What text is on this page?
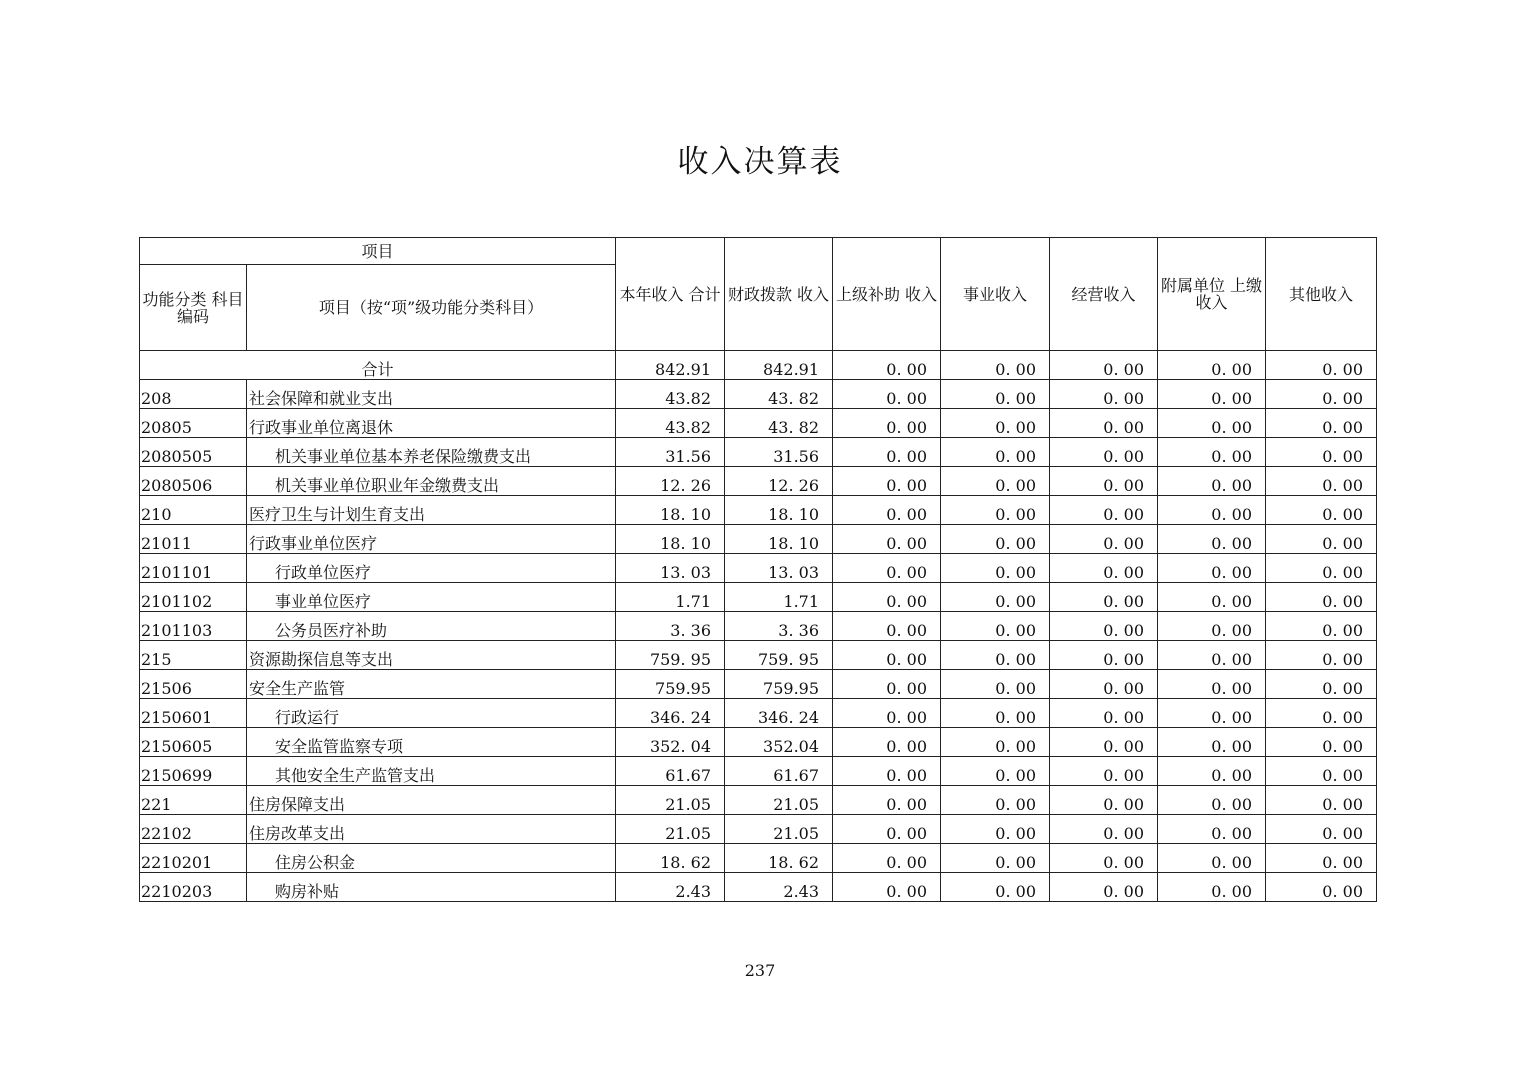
收入决算表
项目		本年收入 合计	财政拨款 收入	上级补助 收入	事业收入	经营收入	附属单位 上缴收入	其他收入
功能分类 科目编码	项目（按“项”级功能分类科目）							
合计		842.91	842.91	0. 00	0. 00	0. 00	0. 00	0. 00
208	社会保障和就业支出	43.82	43. 82	0. 00	0. 00	0. 00	0. 00	0. 00
20805	行政事业单位离退休	43.82	43. 82	0. 00	0. 00	0. 00	0. 00	0. 00
2080505	机关事业单位基本养老保险缴费支出	31.56	31.56	0. 00	0. 00	0. 00	0. 00	0. 00
2080506	机关事业单位职业年金缴费支出	12. 26	12. 26	0. 00	0. 00	0. 00	0. 00	0. 00
210	医疗卫生与计划生育支出	18. 10	18. 10	0. 00	0. 00	0. 00	0. 00	0. 00
21011	行政事业单位医疗	18. 10	18. 10	0. 00	0. 00	0. 00	0. 00	0. 00
2101101	行政单位医疗	13. 03	13. 03	0. 00	0. 00	0. 00	0. 00	0. 00
2101102	事业单位医疗	1.71	1.71	0. 00	0. 00	0. 00	0. 00	0. 00
2101103	公务员医疗补助	3. 36	3. 36	0. 00	0. 00	0. 00	0. 00	0. 00
215	资源勘探信息等支出	759. 95	759. 95	0. 00	0. 00	0. 00	0. 00	0. 00
21506	安全生产监管	759.95	759.95	0. 00	0. 00	0. 00	0. 00	0. 00
2150601	行政运行	346. 24	346. 24	0. 00	0. 00	0. 00	0. 00	0. 00
2150605	安全监管监察专项	352. 04	352.04	0. 00	0. 00	0. 00	0. 00	0. 00
2150699	其他安全生产监管支出	61.67	61.67	0. 00	0. 00	0. 00	0. 00	0. 00
221	住房保障支出	21.05	21.05	0. 00	0. 00	0. 00	0. 00	0. 00
22102	住房改革支出	21.05	21.05	0. 00	0. 00	0. 00	0. 00	0. 00
2210201	住房公积金	18. 62	18. 62	0. 00	0. 00	0. 00	0. 00	0. 00
2210203	购房补贴	2.43	2.43	0. 00	0. 00	0. 00	0. 00	0. 00
237
